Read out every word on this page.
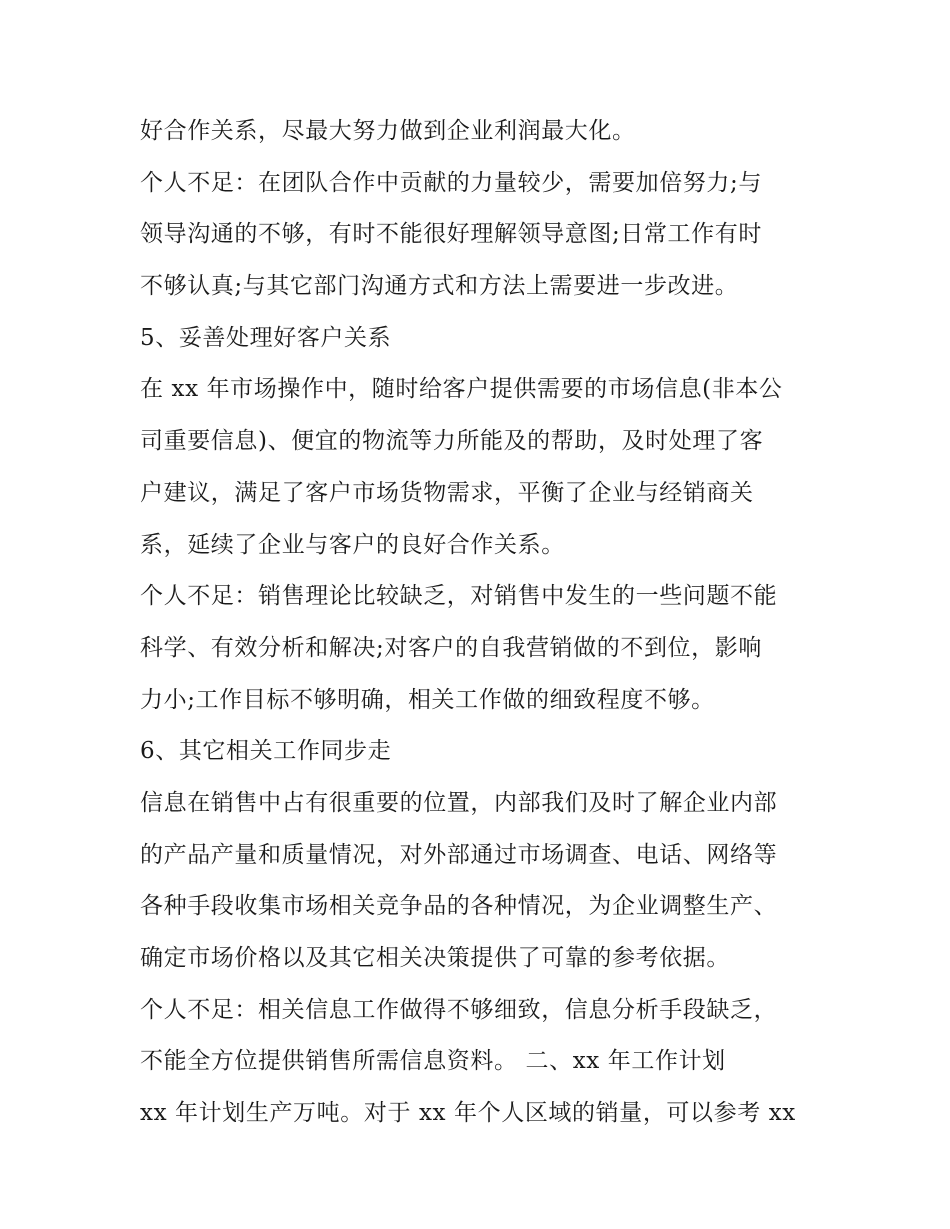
好合作关系，尽最大努力做到企业利润最大化。
个人不足：在团队合作中贡献的力量较少，需要加倍努力;与
领导沟通的不够，有时不能很好理解领导意图;日常工作有时
不够认真;与其它部门沟通方式和方法上需要进一步改进。
5、妥善处理好客户关系
在 xx 年市场操作中，随时给客户提供需要的市场信息(非本公
司重要信息)、便宜的物流等力所能及的帮助，及时处理了客
户建议，满足了客户市场货物需求，平衡了企业与经销商关
系，延续了企业与客户的良好合作关系。
个人不足：销售理论比较缺乏，对销售中发生的一些问题不能
科学、有效分析和解决;对客户的自我营销做的不到位，影响
力小;工作目标不够明确，相关工作做的细致程度不够。
6、其它相关工作同步走
信息在销售中占有很重要的位置，内部我们及时了解企业内部
的产品产量和质量情况，对外部通过市场调查、电话、网络等
各种手段收集市场相关竞争品的各种情况，为企业调整生产、
确定市场价格以及其它相关决策提供了可靠的参考依据。
个人不足：相关信息工作做得不够细致，信息分析手段缺乏，
不能全方位提供销售所需信息资料。 二、xx 年工作计划
xx 年计划生产万吨。对于 xx 年个人区域的销量，可以参考 xx
